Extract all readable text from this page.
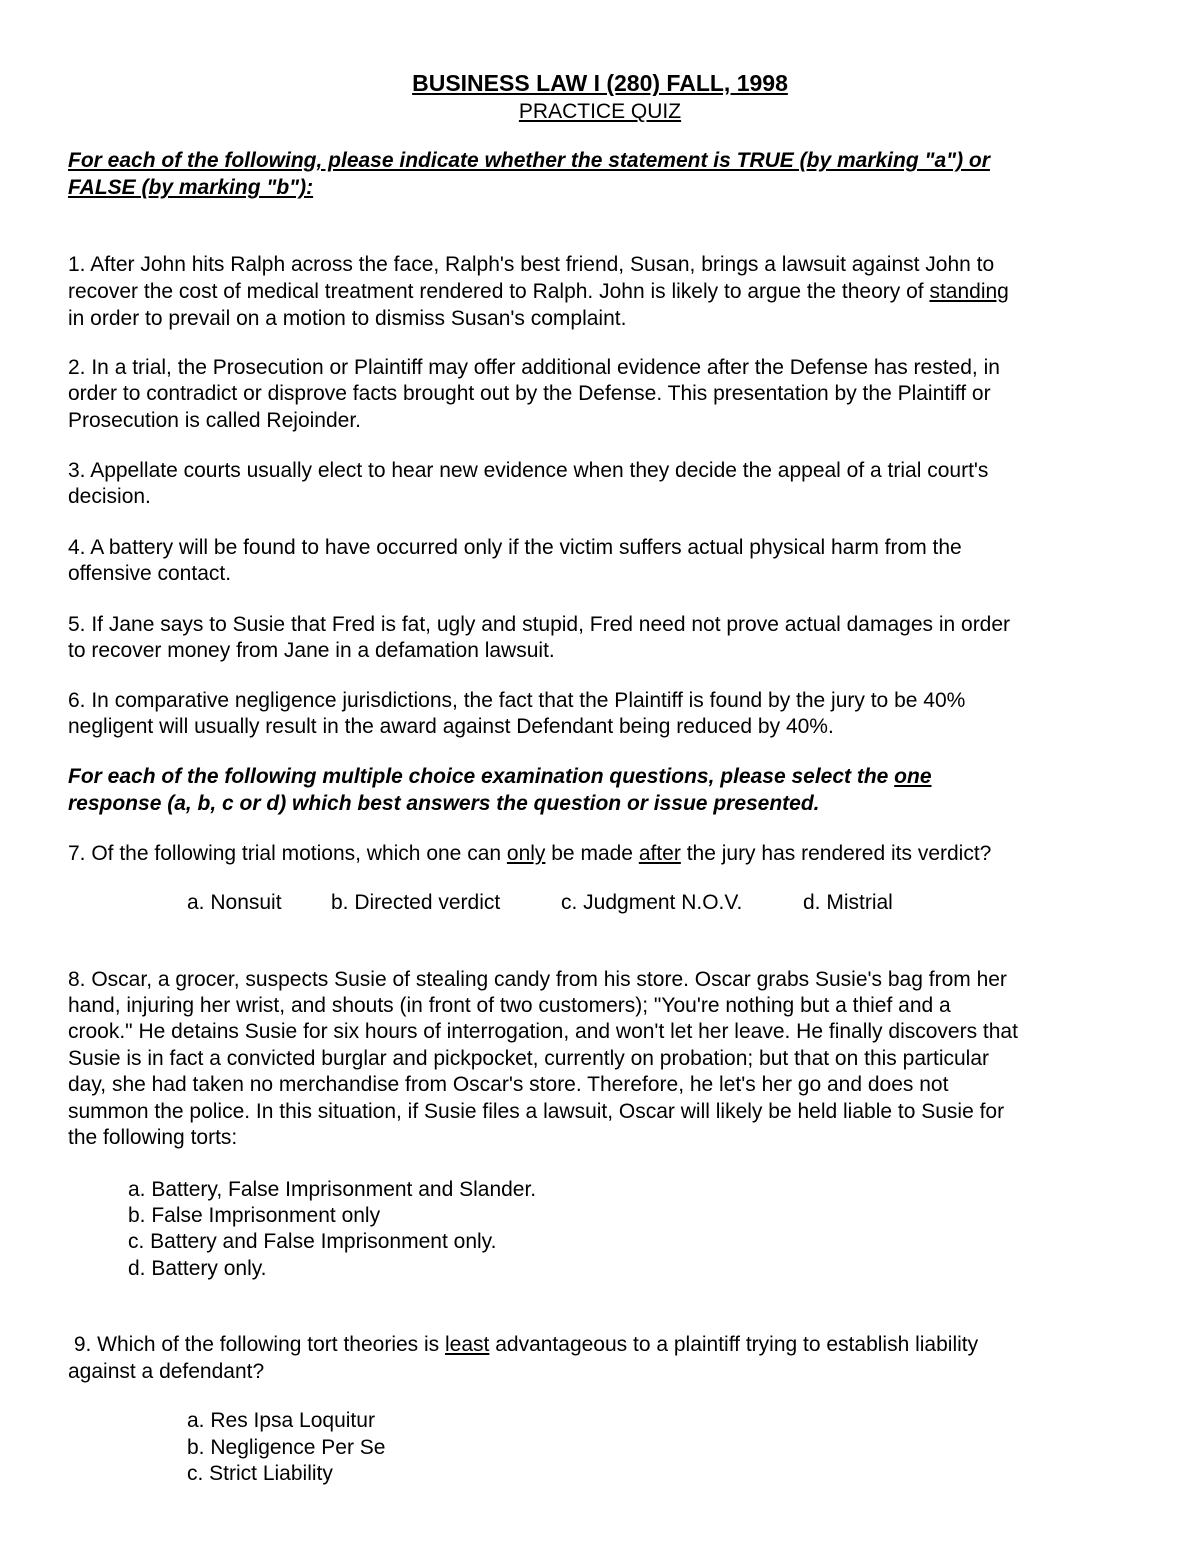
BUSINESS LAW I (280) FALL, 1998
PRACTICE QUIZ
For each of the following, please indicate whether the statement is TRUE (by marking "a") or
FALSE (by marking "b"):
1. After John hits Ralph across the face, Ralph's best friend, Susan, brings a lawsuit against John to
recover the cost of medical treatment rendered to Ralph. John is likely to argue the theory of standing
in order to prevail on a motion to dismiss Susan's complaint.
2. In a trial, the Prosecution or Plaintiff may offer additional evidence after the Defense has rested, in
order to contradict or disprove facts brought out by the Defense. This presentation by the Plaintiff or
Prosecution is called Rejoinder.
3. Appellate courts usually elect to hear new evidence when they decide the appeal of a trial court's
decision.
4. A battery will be found to have occurred only if the victim suffers actual physical harm from the
offensive contact.
5. If Jane says to Susie that Fred is fat, ugly and stupid, Fred need not prove actual damages in order
to recover money from Jane in a defamation lawsuit.
6. In comparative negligence jurisdictions, the fact that the Plaintiff is found by the jury to be 40%
negligent will usually result in the award against Defendant being reduced by 40%.
For each of the following multiple choice examination questions, please select the one
response (a, b, c or d) which best answers the question or issue presented.
7. Of the following trial motions, which one can only be made after the jury has rendered its verdict?
a. Nonsuit b. Directed verdict	c. Judgment N.O.V.	d. Mistrial
8. Oscar, a grocer, suspects Susie of stealing candy from his store. Oscar grabs Susie's bag from her
hand, injuring her wrist, and shouts (in front of two customers); "You're nothing but a thief and a
crook." He detains Susie for six hours of interrogation, and won't let her leave. He finally discovers that
Susie is in fact a convicted burglar and pickpocket, currently on probation; but that on this particular
day, she had taken no merchandise from Oscar's store. Therefore, he let's her go and does not
summon the police. In this situation, if Susie files a lawsuit, Oscar will likely be held liable to Susie for
the following torts:
a. Battery, False Imprisonment and Slander.
b. False Imprisonment only
c. Battery and False Imprisonment only.
d. Battery only.
9. Which of the following tort theories is least advantageous to a plaintiff trying to establish liability
against a defendant?
a. Res Ipsa Loquitur
b. Negligence Per Se
c. Strict Liability
